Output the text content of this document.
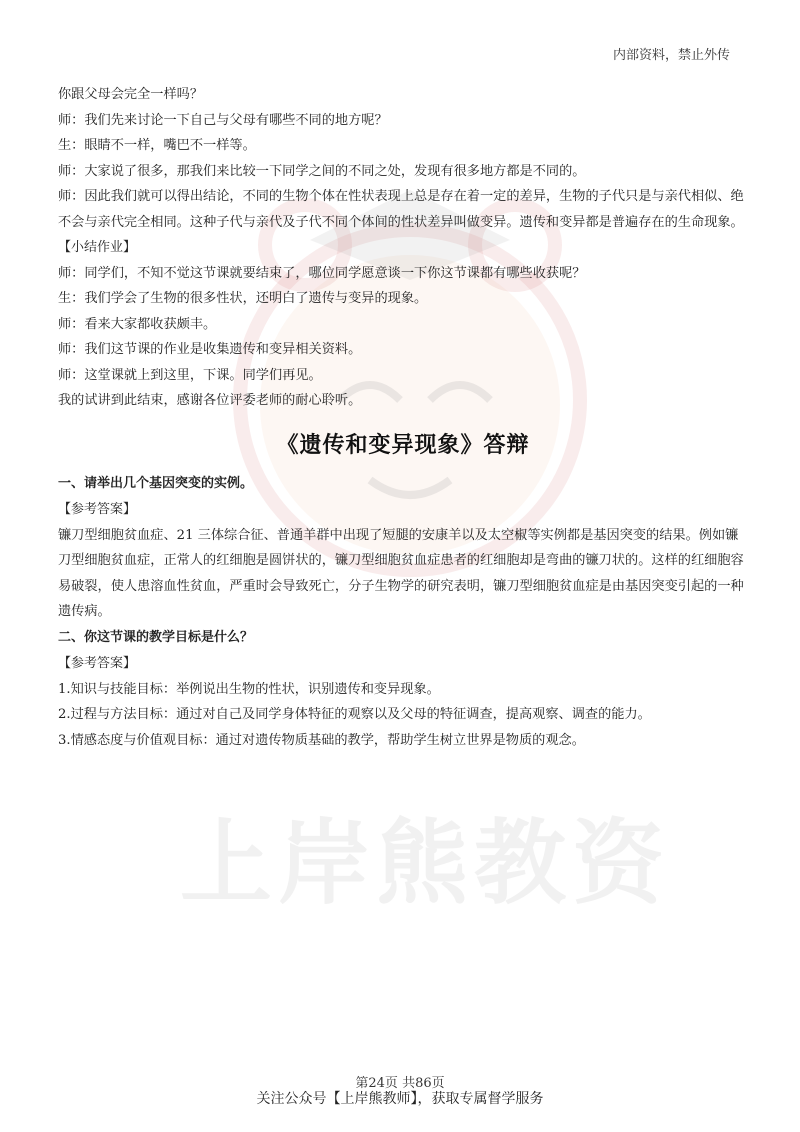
上岸熊教资
内部资料，禁止外传

你跟父母会完全一样吗？

师：我们先来讨论一下自己与父母有哪些不同的地方呢？

生：眼睛不一样，嘴巴不一样等。

师：大家说了很多，那我们来比较一下同学之间的不同之处，发现有很多地方都是不同的。

师：因此我们就可以得出结论，不同的生物个体在性状表现上总是存在着一定的差异，生物的子代只是与亲代相似、绝不会与亲代完全相同。这种子代与亲代及子代不同个体间的性状差异叫做变异。遗传和变异都是普遍存在的生命现象。

【小结作业】

师：同学们，不知不觉这节课就要结束了，哪位同学愿意谈一下你这节课都有哪些收获呢？

生：我们学会了生物的很多性状，还明白了遗传与变异的现象。

师：看来大家都收获颇丰。

师：我们这节课的作业是收集遗传和变异相关资料。

师：这堂课就上到这里，下课。同学们再见。

我的试讲到此结束，感谢各位评委老师的耐心聆听。

《遗传和变异现象》答辩

一、请举出几个基因突变的实例。

【参考答案】

镰刀型细胞贫血症、21 三体综合征、普通羊群中出现了短腿的安康羊以及太空椒等实例都是基因突变的结果。例如镰刀型细胞贫血症，正常人的红细胞是圆饼状的，镰刀型细胞贫血症患者的红细胞却是弯曲的镰刀状的。这样的红细胞容易破裂，使人患溶血性贫血，严重时会导致死亡，分子生物学的研究表明，镰刀型细胞贫血症是由基因突变引起的一种遗传病。

二、你这节课的教学目标是什么？

【参考答案】

1.知识与技能目标：举例说出生物的性状，识别遗传和变异现象。

2.过程与方法目标：通过对自己及同学身体特征的观察以及父母的特征调查，提高观察、调查的能力。

3.情感态度与价值观目标：通过对遗传物质基础的教学，帮助学生树立世界是物质的观念。

第24页 共86页
关注公众号【上岸熊教师】，获取专属督学服务
